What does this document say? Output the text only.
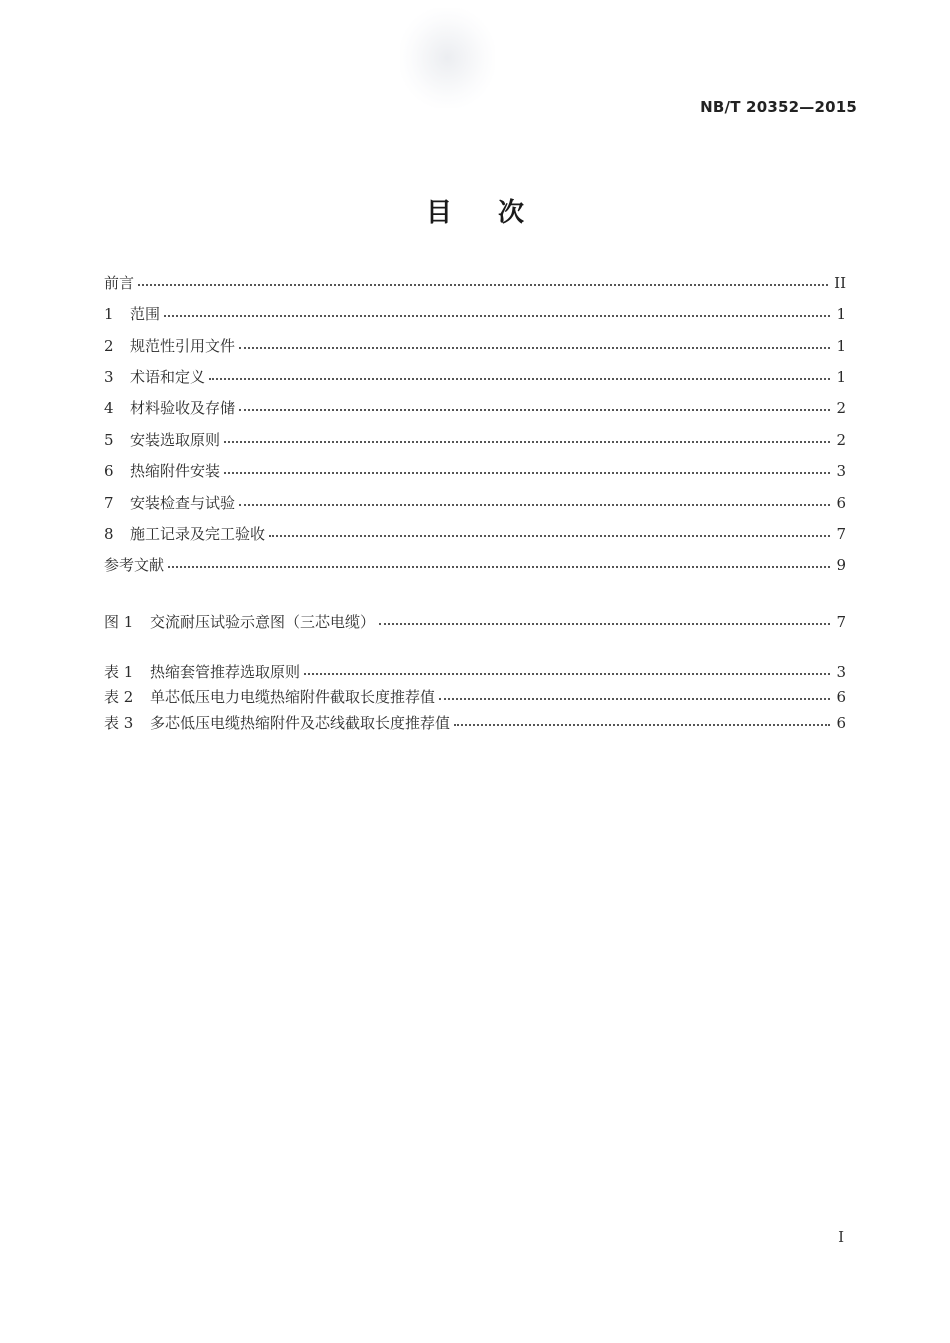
NB/T 20352—2015
目次
前言	II
1	范围	1
2	规范性引用文件	1
3	术语和定义	1
4	材料验收及存储	2
5	安装选取原则	2
6	热缩附件安装	3
7	安装检查与试验	6
8	施工记录及完工验收	7
参考文献	9
图 1	交流耐压试验示意图（三芯电缆）	7
表 1	热缩套管推荐选取原则	3
表 2	单芯低压电力电缆热缩附件截取长度推荐值	6
表 3	多芯低压电缆热缩附件及芯线截取长度推荐值	6
I
